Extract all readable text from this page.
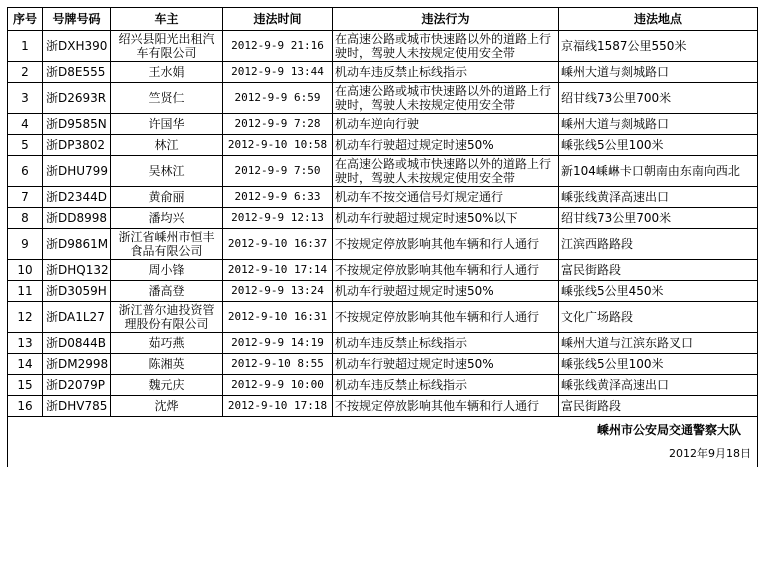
序号	号牌号码	车主	违法时间	违法行为	违法地点
1	浙DXH390	绍兴县阳光出租汽车有限公司	2012-9-9 21:16	在高速公路或城市快速路以外的道路上行驶时，驾驶人未按规定使用安全带	京福线1587公里550米
2	浙D8E555	王水娟	2012-9-9 13:44	机动车违反禁止标线指示	嵊州大道与剡城路口
3	浙D2693R	竺贤仁	2012-9-9 6:59	在高速公路或城市快速路以外的道路上行驶时，驾驶人未按规定使用安全带	绍甘线73公里700米
4	浙D9585N	许国华	2012-9-9 7:28	机动车逆向行驶	嵊州大道与剡城路口
5	浙DP3802	林江	2012-9-10 10:58	机动车行驶超过规定时速50%	嵊张线5公里100米
6	浙DHU799	吴林江	2012-9-9 7:50	在高速公路或城市快速路以外的道路上行驶时，驾驶人未按规定使用安全带	新104嵊崊卡口朝南由东南向西北
7	浙D2344D	黄俞丽	2012-9-9 6:33	机动车不按交通信号灯规定通行	嵊张线黄泽高速出口
8	浙DD8998	潘均兴	2012-9-9 12:13	机动车行驶超过规定时速50%以下	绍甘线73公里700米
9	浙D9861M	浙江省嵊州市恒丰食品有限公司	2012-9-10 16:37	不按规定停放影响其他车辆和行人通行	江滨西路路段
10	浙DHQ132	周小锋	2012-9-10 17:14	不按规定停放影响其他车辆和行人通行	富民街路段
11	浙D3059H	潘高登	2012-9-9 13:24	机动车行驶超过规定时速50%	嵊张线5公里450米
12	浙DA1L27	浙江普尔迪投资管理股份有限公司	2012-9-10 16:31	不按规定停放影响其他车辆和行人通行	文化广场路段
13	浙D0844B	茹巧燕	2012-9-9 14:19	机动车违反禁止标线指示	嵊州大道与江滨东路叉口
14	浙DM2998	陈湘英	2012-9-10 8:55	机动车行驶超过规定时速50%	嵊张线5公里100米
15	浙D2079P	魏元庆	2012-9-9 10:00	机动车违反禁止标线指示	嵊张线黄泽高速出口
16	浙DHV785	沈烨	2012-9-10 17:18	不按规定停放影响其他车辆和行人通行	富民街路段

嵊州市公安局交通警察大队
2012年9月18日					
